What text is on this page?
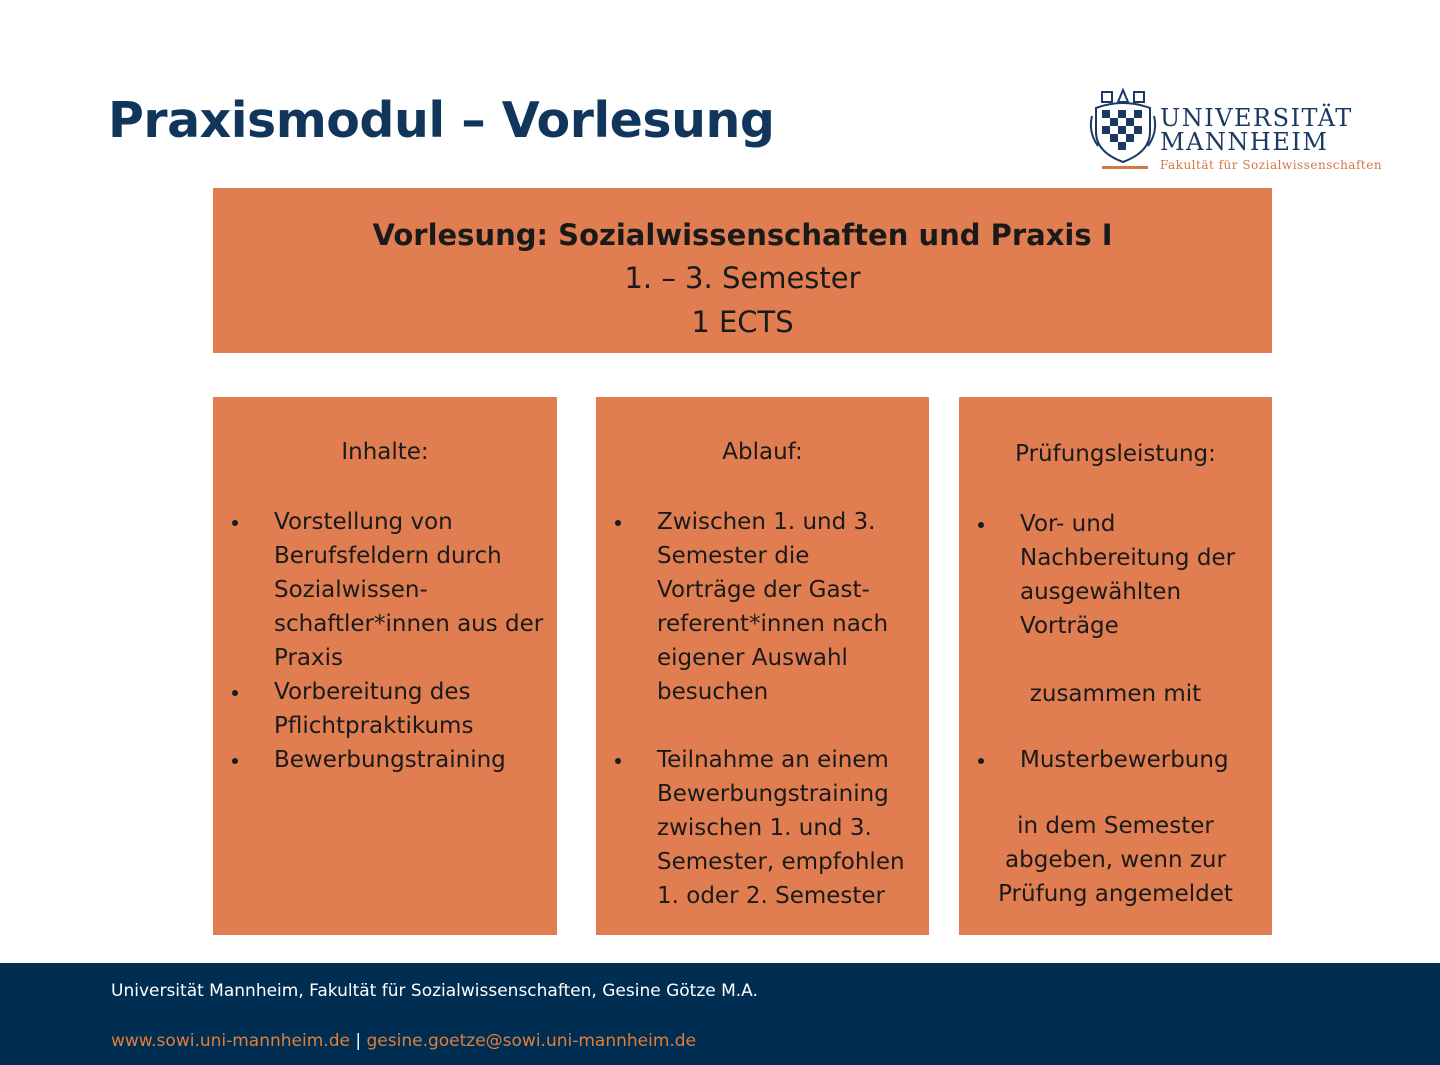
Praxismodul – Vorlesung	UNIVERSITÄT
MANNHEIM
Fakultät für Sozialwissenschaften
Vorlesung: Sozialwissenschaften und Praxis I
1. – 3. Semester
1 ECTS
Inhalte:
Vorstellung von Berufsfeldern durch Sozialwissen-schaftler*innen aus der Praxis
Vorbereitung des Pflichtpraktikums
Bewerbungstraining
Ablauf:
Zwischen 1. und 3. Semester die Vorträge der Gast-referent*innen nach eigener Auswahl besuchen
Teilnahme an einem Bewerbungstraining zwischen 1. und 3. Semester, empfohlen 1. oder 2. Semester
Prüfungsleistung:
Vor- und Nachbereitung der ausgewählten Vorträge
zusammen mit
Musterbewerbung
in dem Semester abgeben, wenn zur Prüfung angemeldet
Universität Mannheim, Fakultät für Sozialwissenschaften, Gesine Götze M.A.
www.sowi.uni-mannheim.de | gesine.goetze@sowi.uni-mannheim.de
